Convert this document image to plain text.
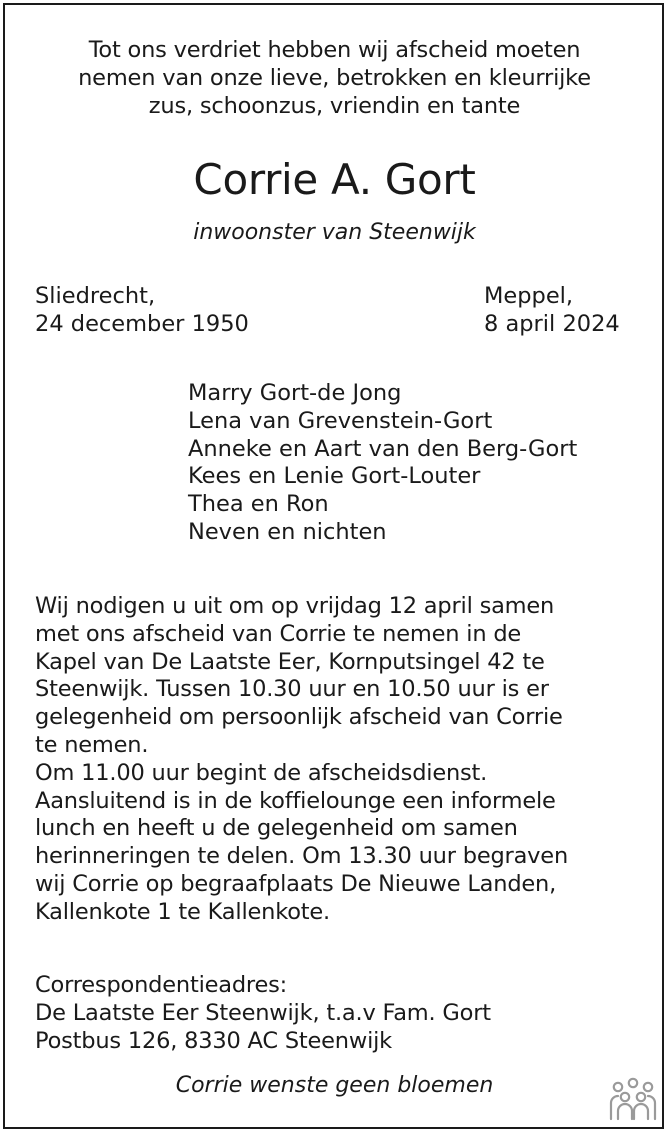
Tot ons verdriet hebben wij afscheid moeten
nemen van onze lieve, betrokken en kleurrijke
zus, schoonzus, vriendin en tante
Corrie A. Gort
inwoonster van Steenwijk
Sliedrecht,
24 december 1950
Meppel,
8 april 2024
Marry Gort-de Jong
Lena van Grevenstein-Gort
Anneke en Aart van den Berg-Gort
Kees en Lenie Gort-Louter
Thea en Ron
Neven en nichten
Wij nodigen u uit om op vrijdag 12 april samen
met ons afscheid van Corrie te nemen in de
Kapel van De Laatste Eer, Kornputsingel 42 te
Steenwijk. Tussen 10.30 uur en 10.50 uur is er
gelegenheid om persoonlijk afscheid van Corrie
te nemen.
Om 11.00 uur begint de afscheidsdienst.
Aansluitend is in de koffielounge een informele
lunch en heeft u de gelegenheid om samen
herinneringen te delen. Om 13.30 uur begraven
wij Corrie op begraafplaats De Nieuwe Landen,
Kallenkote 1 te Kallenkote.
Correspondentieadres:
De Laatste Eer Steenwijk, t.a.v Fam. Gort
Postbus 126, 8330 AC Steenwijk
Corrie wenste geen bloemen
